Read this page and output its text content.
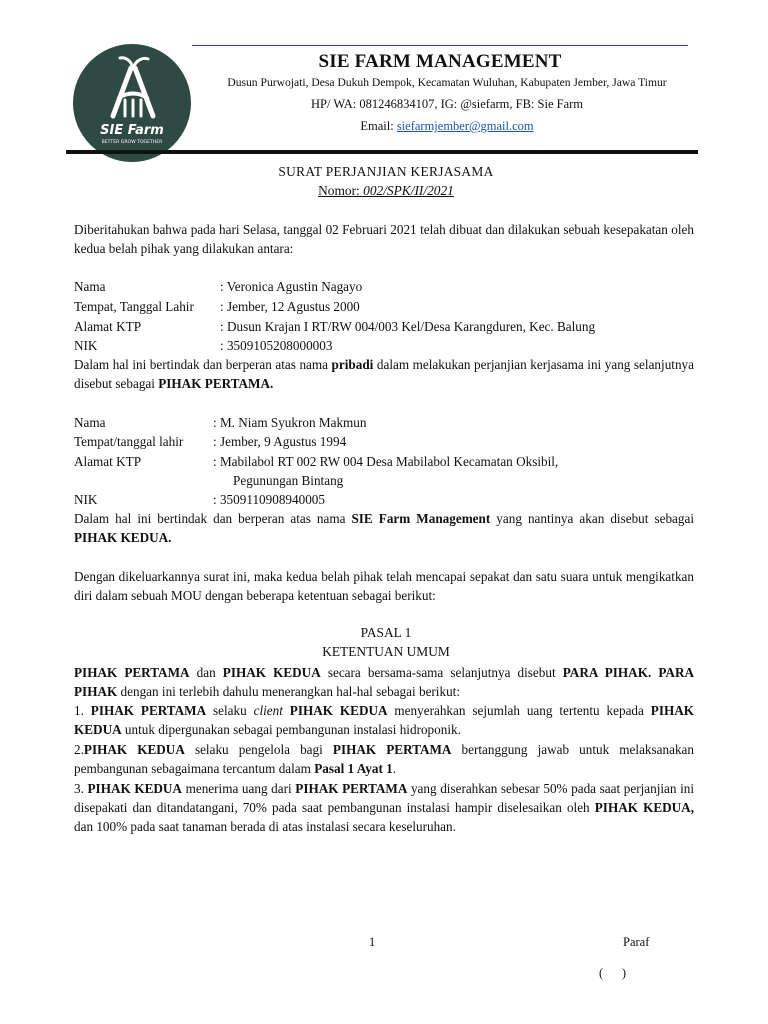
SIE Farm
BETTER GROW TOGETHER
SIE FARM MANAGEMENT
Dusun Purwojati, Desa Dukuh Dempok, Kecamatan Wuluhan, Kabupaten Jember, Jawa Timur
HP/ WA: 081246834107, IG: @siefarm, FB: Sie Farm
Email: siefarmjember@gmail.com
SURAT PERJANJIAN KERJASAMA
Nomor: 002/SPK/II/2021
Diberitahukan bahwa pada hari Selasa, tanggal 02 Februari 2021 telah dibuat dan dilakukan sebuah kesepakatan oleh kedua belah pihak yang dilakukan antara:
Nama	: Veronica Agustin Nagayo
Tempat, Tanggal Lahir : Jember, 12 Agustus 2000
Alamat KTP	: Dusun Krajan I RT/RW 004/003 Kel/Desa Karangduren, Kec. Balung
NIK	: 3509105208000003
Dalam hal ini bertindak dan berperan atas nama pribadi dalam melakukan perjanjian kerjasama ini yang selanjutnya disebut sebagai PIHAK PERTAMA.
Nama	: M. Niam Syukron Makmun
Tempat/tanggal lahir : Jember, 9 Agustus 1994
Alamat KTP	: Mabilabol RT 002 RW 004 Desa Mabilabol Kecamatan Oksibil,
Pegunungan Bintang
NIK	: 3509110908940005
Dalam hal ini bertindak dan berperan atas nama SIE Farm Management yang nantinya akan disebut sebagai PIHAK KEDUA.
Dengan dikeluarkannya surat ini, maka kedua belah pihak telah mencapai sepakat dan satu suara untuk mengikatkan diri dalam sebuah MOU dengan beberapa ketentuan sebagai berikut:
PASAL 1
KETENTUAN UMUM
PIHAK PERTAMA dan PIHAK KEDUA secara bersama-sama selanjutnya disebut PARA PIHAK. PARA PIHAK dengan ini terlebih dahulu menerangkan hal-hal sebagai berikut:
1. PIHAK PERTAMA selaku client PIHAK KEDUA menyerahkan sejumlah uang tertentu kepada PIHAK KEDUA untuk dipergunakan sebagai pembangunan instalasi hidroponik.
2.PIHAK KEDUA selaku pengelola bagi PIHAK PERTAMA bertanggung jawab untuk melaksanakan pembangunan sebagaimana tercantum dalam Pasal 1 Ayat 1.
3. PIHAK KEDUA menerima uang dari PIHAK PERTAMA yang diserahkan sebesar 50% pada saat perjanjian ini disepakati dan ditandatangani, 70% pada saat pembangunan instalasi hampir diselesaikan oleh PIHAK KEDUA, dan 100% pada saat tanaman berada di atas instalasi secara keseluruhan.
1	Paraf
(      )
